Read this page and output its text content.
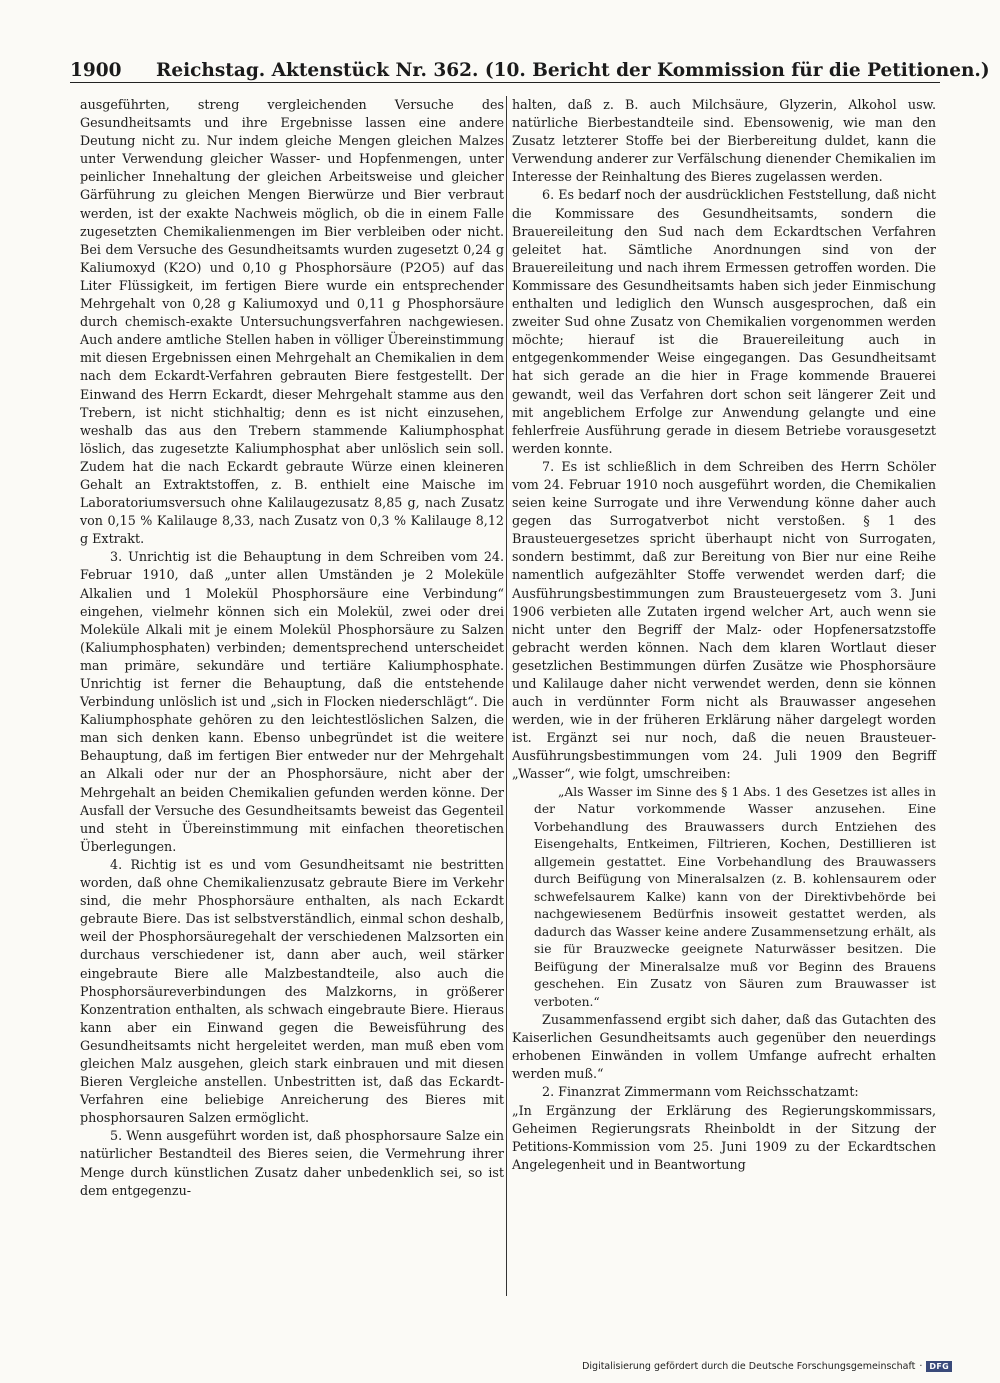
1900 Reichstag. Aktenstück Nr. 362. (10. Bericht der Kommission für die Petitionen.)

ausgeführten, streng vergleichenden Versuche des Gesundheitsamts und ihre Ergebnisse lassen eine andere Deutung nicht zu. Nur indem gleiche Mengen gleichen Malzes unter Verwendung gleicher Wasser- und Hopfenmengen, unter peinlicher Innehaltung der gleichen Arbeitsweise und gleicher Gärführung zu gleichen Mengen Bierwürze und Bier verbraut werden, ist der exakte Nachweis möglich, ob die in einem Falle zugesetzten Chemikalienmengen im Bier verbleiben oder nicht. Bei dem Versuche des Gesundheitsamts wurden zugesetzt 0,24 g Kaliumoxyd (K2O) und 0,10 g Phosphorsäure (P2O5) auf das Liter Flüssigkeit, im fertigen Biere wurde ein entsprechender Mehrgehalt von 0,28 g Kaliumoxyd und 0,11 g Phosphorsäure durch chemisch-exakte Untersuchungsverfahren nachgewiesen. Auch andere amtliche Stellen haben in völliger Übereinstimmung mit diesen Ergebnissen einen Mehrgehalt an Chemikalien in dem nach dem Eckardt-Verfahren gebrauten Biere festgestellt. Der Einwand des Herrn Eckardt, dieser Mehrgehalt stamme aus den Trebern, ist nicht stichhaltig; denn es ist nicht einzusehen, weshalb das aus den Trebern stammende Kaliumphosphat löslich, das zugesetzte Kaliumphosphat aber unlöslich sein soll. Zudem hat die nach Eckardt gebraute Würze einen kleineren Gehalt an Extraktstoffen, z. B. enthielt eine Maische im Laboratoriumsversuch ohne Kalilaugezusatz 8,85 g, nach Zusatz von 0,15 % Kalilauge 8,33, nach Zusatz von 0,3 % Kalilauge 8,12 g Extrakt.

3. Unrichtig ist die Behauptung in dem Schreiben vom 24. Februar 1910, daß „unter allen Umständen je 2 Moleküle Alkalien und 1 Molekül Phosphorsäure eine Verbindung“ eingehen, vielmehr können sich ein Molekül, zwei oder drei Moleküle Alkali mit je einem Molekül Phosphorsäure zu Salzen (Kaliumphosphaten) verbinden; dementsprechend unterscheidet man primäre, sekundäre und tertiäre Kaliumphosphate. Unrichtig ist ferner die Behauptung, daß die entstehende Verbindung unlöslich ist und „sich in Flocken niederschlägt“. Die Kaliumphosphate gehören zu den leichtestlöslichen Salzen, die man sich denken kann. Ebenso unbegründet ist die weitere Behauptung, daß im fertigen Bier entweder nur der Mehrgehalt an Alkali oder nur der an Phosphorsäure, nicht aber der Mehrgehalt an beiden Chemikalien gefunden werden könne. Der Ausfall der Versuche des Gesundheitsamts beweist das Gegenteil und steht in Übereinstimmung mit einfachen theoretischen Überlegungen.

4. Richtig ist es und vom Gesundheitsamt nie bestritten worden, daß ohne Chemikalienzusatz gebraute Biere im Verkehr sind, die mehr Phosphorsäure enthalten, als nach Eckardt gebraute Biere. Das ist selbstverständlich, einmal schon deshalb, weil der Phosphorsäuregehalt der verschiedenen Malzsorten ein durchaus verschiedener ist, dann aber auch, weil stärker eingebraute Biere alle Malzbestandteile, also auch die Phosphorsäureverbindungen des Malzkorns, in größerer Konzentration enthalten, als schwach eingebraute Biere. Hieraus kann aber ein Einwand gegen die Beweisführung des Gesundheitsamts nicht hergeleitet werden, man muß eben vom gleichen Malz ausgehen, gleich stark einbrauen und mit diesen Bieren Vergleiche anstellen. Unbestritten ist, daß das Eckardt-Verfahren eine beliebige Anreicherung des Bieres mit phosphorsauren Salzen ermöglicht.

5. Wenn ausgeführt worden ist, daß phosphorsaure Salze ein natürlicher Bestandteil des Bieres seien, die Vermehrung ihrer Menge durch künstlichen Zusatz daher unbedenklich sei, so ist dem entgegenzu-

halten, daß z. B. auch Milchsäure, Glyzerin, Alkohol usw. natürliche Bierbestandteile sind. Ebensowenig, wie man den Zusatz letzterer Stoffe bei der Bierbereitung duldet, kann die Verwendung anderer zur Verfälschung dienender Chemikalien im Interesse der Reinhaltung des Bieres zugelassen werden.

6. Es bedarf noch der ausdrücklichen Feststellung, daß nicht die Kommissare des Gesundheitsamts, sondern die Brauereileitung den Sud nach dem Eckardtschen Verfahren geleitet hat. Sämtliche Anordnungen sind von der Brauereileitung und nach ihrem Ermessen getroffen worden. Die Kommissare des Gesundheitsamts haben sich jeder Einmischung enthalten und lediglich den Wunsch ausgesprochen, daß ein zweiter Sud ohne Zusatz von Chemikalien vorgenommen werden möchte; hierauf ist die Brauereileitung auch in entgegenkommender Weise eingegangen. Das Gesundheitsamt hat sich gerade an die hier in Frage kommende Brauerei gewandt, weil das Verfahren dort schon seit längerer Zeit und mit angeblichem Erfolge zur Anwendung gelangte und eine fehlerfreie Ausführung gerade in diesem Betriebe vorausgesetzt werden konnte.

7. Es ist schließlich in dem Schreiben des Herrn Schöler vom 24. Februar 1910 noch ausgeführt worden, die Chemikalien seien keine Surrogate und ihre Verwendung könne daher auch gegen das Surrogatverbot nicht verstoßen. § 1 des Brausteuergesetzes spricht überhaupt nicht von Surrogaten, sondern bestimmt, daß zur Bereitung von Bier nur eine Reihe namentlich aufgezählter Stoffe verwendet werden darf; die Ausführungsbestimmungen zum Brausteuergesetz vom 3. Juni 1906 verbieten alle Zutaten irgend welcher Art, auch wenn sie nicht unter den Begriff der Malz- oder Hopfenersatzstoffe gebracht werden können. Nach dem klaren Wortlaut dieser gesetzlichen Bestimmungen dürfen Zusätze wie Phosphorsäure und Kalilauge daher nicht verwendet werden, denn sie können auch in verdünnter Form nicht als Brauwasser angesehen werden, wie in der früheren Erklärung näher dargelegt worden ist. Ergänzt sei nur noch, daß die neuen Brausteuer-Ausführungsbestimmungen vom 24. Juli 1909 den Begriff „Wasser“, wie folgt, umschreiben:

„Als Wasser im Sinne des § 1 Abs. 1 des Gesetzes ist alles in der Natur vorkommende Wasser anzusehen. Eine Vorbehandlung des Brauwassers durch Entziehen des Eisengehalts, Entkeimen, Filtrieren, Kochen, Destillieren ist allgemein gestattet. Eine Vorbehandlung des Brauwassers durch Beifügung von Mineralsalzen (z. B. kohlensaurem oder schwefelsaurem Kalke) kann von der Direktivbehörde bei nachgewiesenem Bedürfnis insoweit gestattet werden, als dadurch das Wasser keine andere Zusammensetzung erhält, als sie für Brauzwecke geeignete Naturwässer besitzen. Die Beifügung der Mineralsalze muß vor Beginn des Brauens geschehen. Ein Zusatz von Säuren zum Brauwasser ist verboten.“

Zusammenfassend ergibt sich daher, daß das Gutachten des Kaiserlichen Gesundheitsamts auch gegenüber den neuerdings erhobenen Einwänden in vollem Umfange aufrecht erhalten werden muß.“

2. Finanzrat Zimmermann vom Reichsschatzamt:

„In Ergänzung der Erklärung des Regierungskommissars, Geheimen Regierungsrats Rheinboldt in der Sitzung der Petitions-Kommission vom 25. Juni 1909 zu der Eckardtschen Angelegenheit und in Beantwortung

Digitalisierung gefördert durch die Deutsche Forschungsgemeinschaft · DFG
